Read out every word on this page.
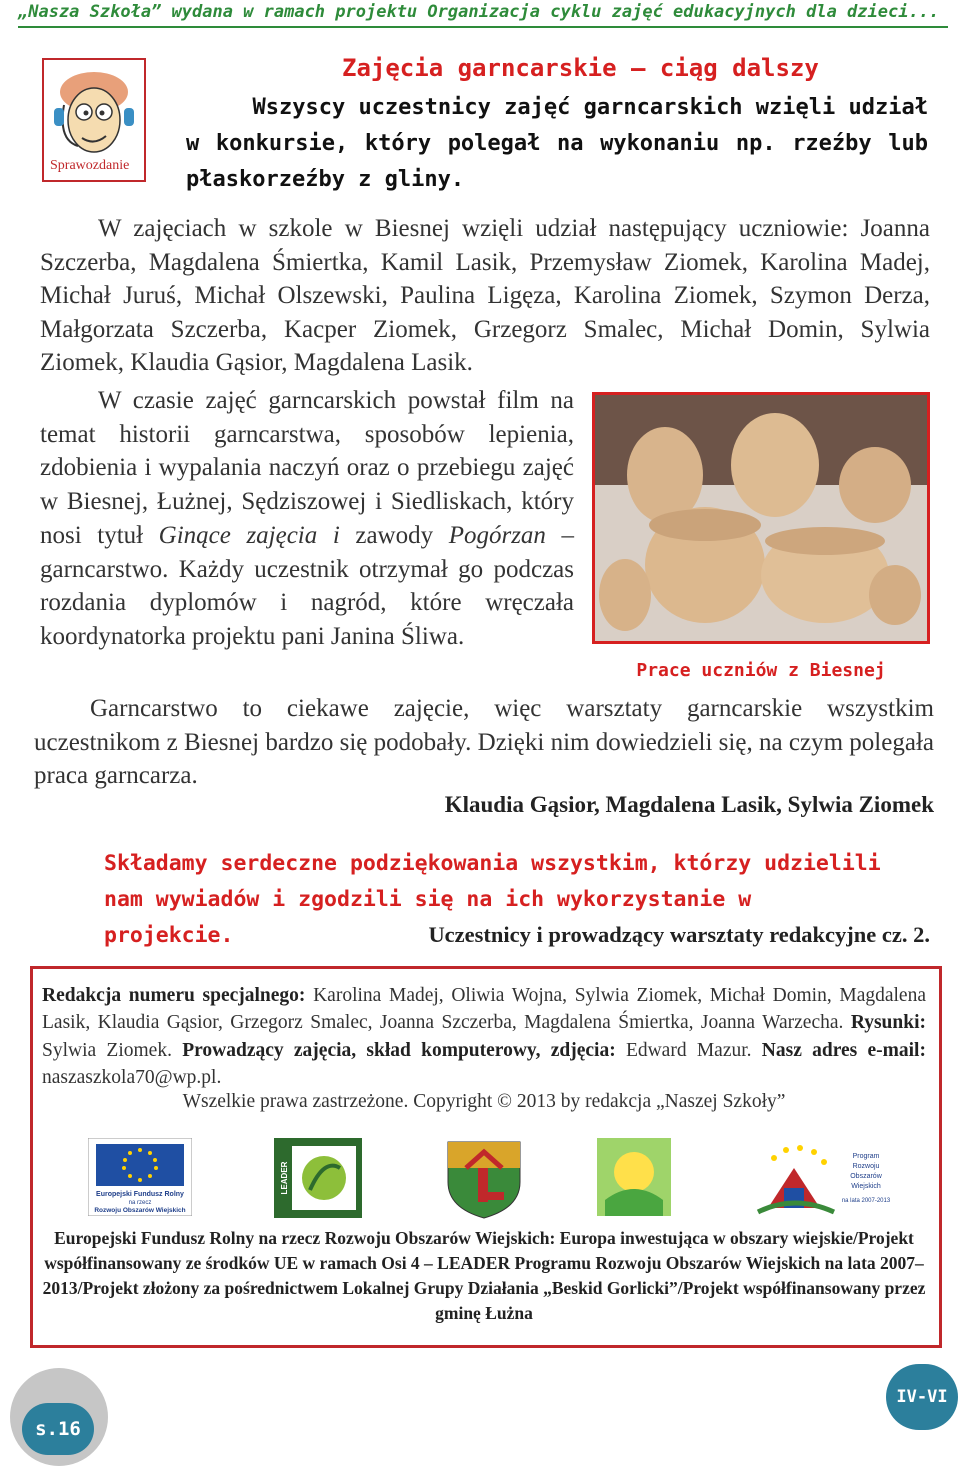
„Nasza Szkoła” wydana w ramach projektu Organizacja cyklu zajęć edukacyjnych dla dzieci...
Sprawozdanie
Zajęcia garncarskie – ciąg dalszy
Wszyscy uczestnicy zajęć garncarskich wzięli udział
w konkursie, który polegał na wykonaniu np. rzeźby lub płaskorzeźby z gliny.
W zajęciach w szkole w Biesnej wzięli udział następujący uczniowie: Joanna Szczerba, Magdalena Śmiertka, Kamil Lasik, Przemysław Ziomek, Karolina Madej, Michał Juruś, Michał Olszewski, Paulina Ligęza, Karolina Ziomek, Szymon Derza, Małgorzata Szczerba, Kacper Ziomek, Grzegorz Smalec, Michał Domin, Sylwia Ziomek, Klaudia Gąsior, Magdalena Lasik.
W czasie zajęć garncarskich powstał film na temat historii garncarstwa, sposobów lepienia, zdobienia i wypalania naczyń oraz o przebiegu zajęć w Biesnej, Łużnej, Sędziszowej i Siedliskach, który nosi tytuł Ginące zajęcia i zawody Pogórzan – garncarstwo. Każdy uczestnik otrzymał go podczas rozdania dyplomów i nagród, które wręczała koordynatorka projektu pani Janina Śliwa.
Prace uczniów z Biesnej
Garncarstwo to ciekawe zajęcie, więc warsztaty garncarskie wszystkim uczestnikom z Biesnej bardzo się podobały. Dzięki nim dowiedzieli się, na czym polegała praca garncarza.
Klaudia Gąsior, Magdalena Lasik, Sylwia Ziomek
Składamy serdeczne podziękowania wszystkim, którzy udzielili nam wywiadów i zgodzili się na ich wykorzystanie w projekcie.	Uczestnicy i prowadzący warsztaty redakcyjne cz. 2.
Redakcja numeru specjalnego: Karolina Madej, Oliwia Wojna, Sylwia Ziomek, Michał Domin, Magdalena Lasik, Klaudia Gąsior, Grzegorz Smalec, Joanna Szczerba, Magdalena Śmiertka, Joanna Warzecha. Rysunki: Sylwia Ziomek. Prowadzący zajęcia, skład komputerowy, zdjęcia: Edward Mazur. Nasz adres e-mail: naszaszkola70@wp.pl.
Wszelkie prawa zastrzeżone. Copyright © 2013 by redakcja „Naszej Szkoły”
Europejski Fundusz Rolny
na rzecz
Rozwoju Obszarów Wiejskich
LEADER
Program
Rozwoju
Obszarów
Wiejskich
na lata 2007-2013
Europejski Fundusz Rolny na rzecz Rozwoju Obszarów Wiejskich: Europa inwestująca w obszary wiejskie/Projekt współfinansowany ze środków UE w ramach Osi 4 – LEADER Programu Rozwoju Obszarów Wiejskich na lata 2007–2013/Projekt złożony za pośrednictwem Lokalnej Grupy Działania „Beskid Gorlicki”/Projekt współfinansowany przez gminę Łużna
s.16
IV-VI
